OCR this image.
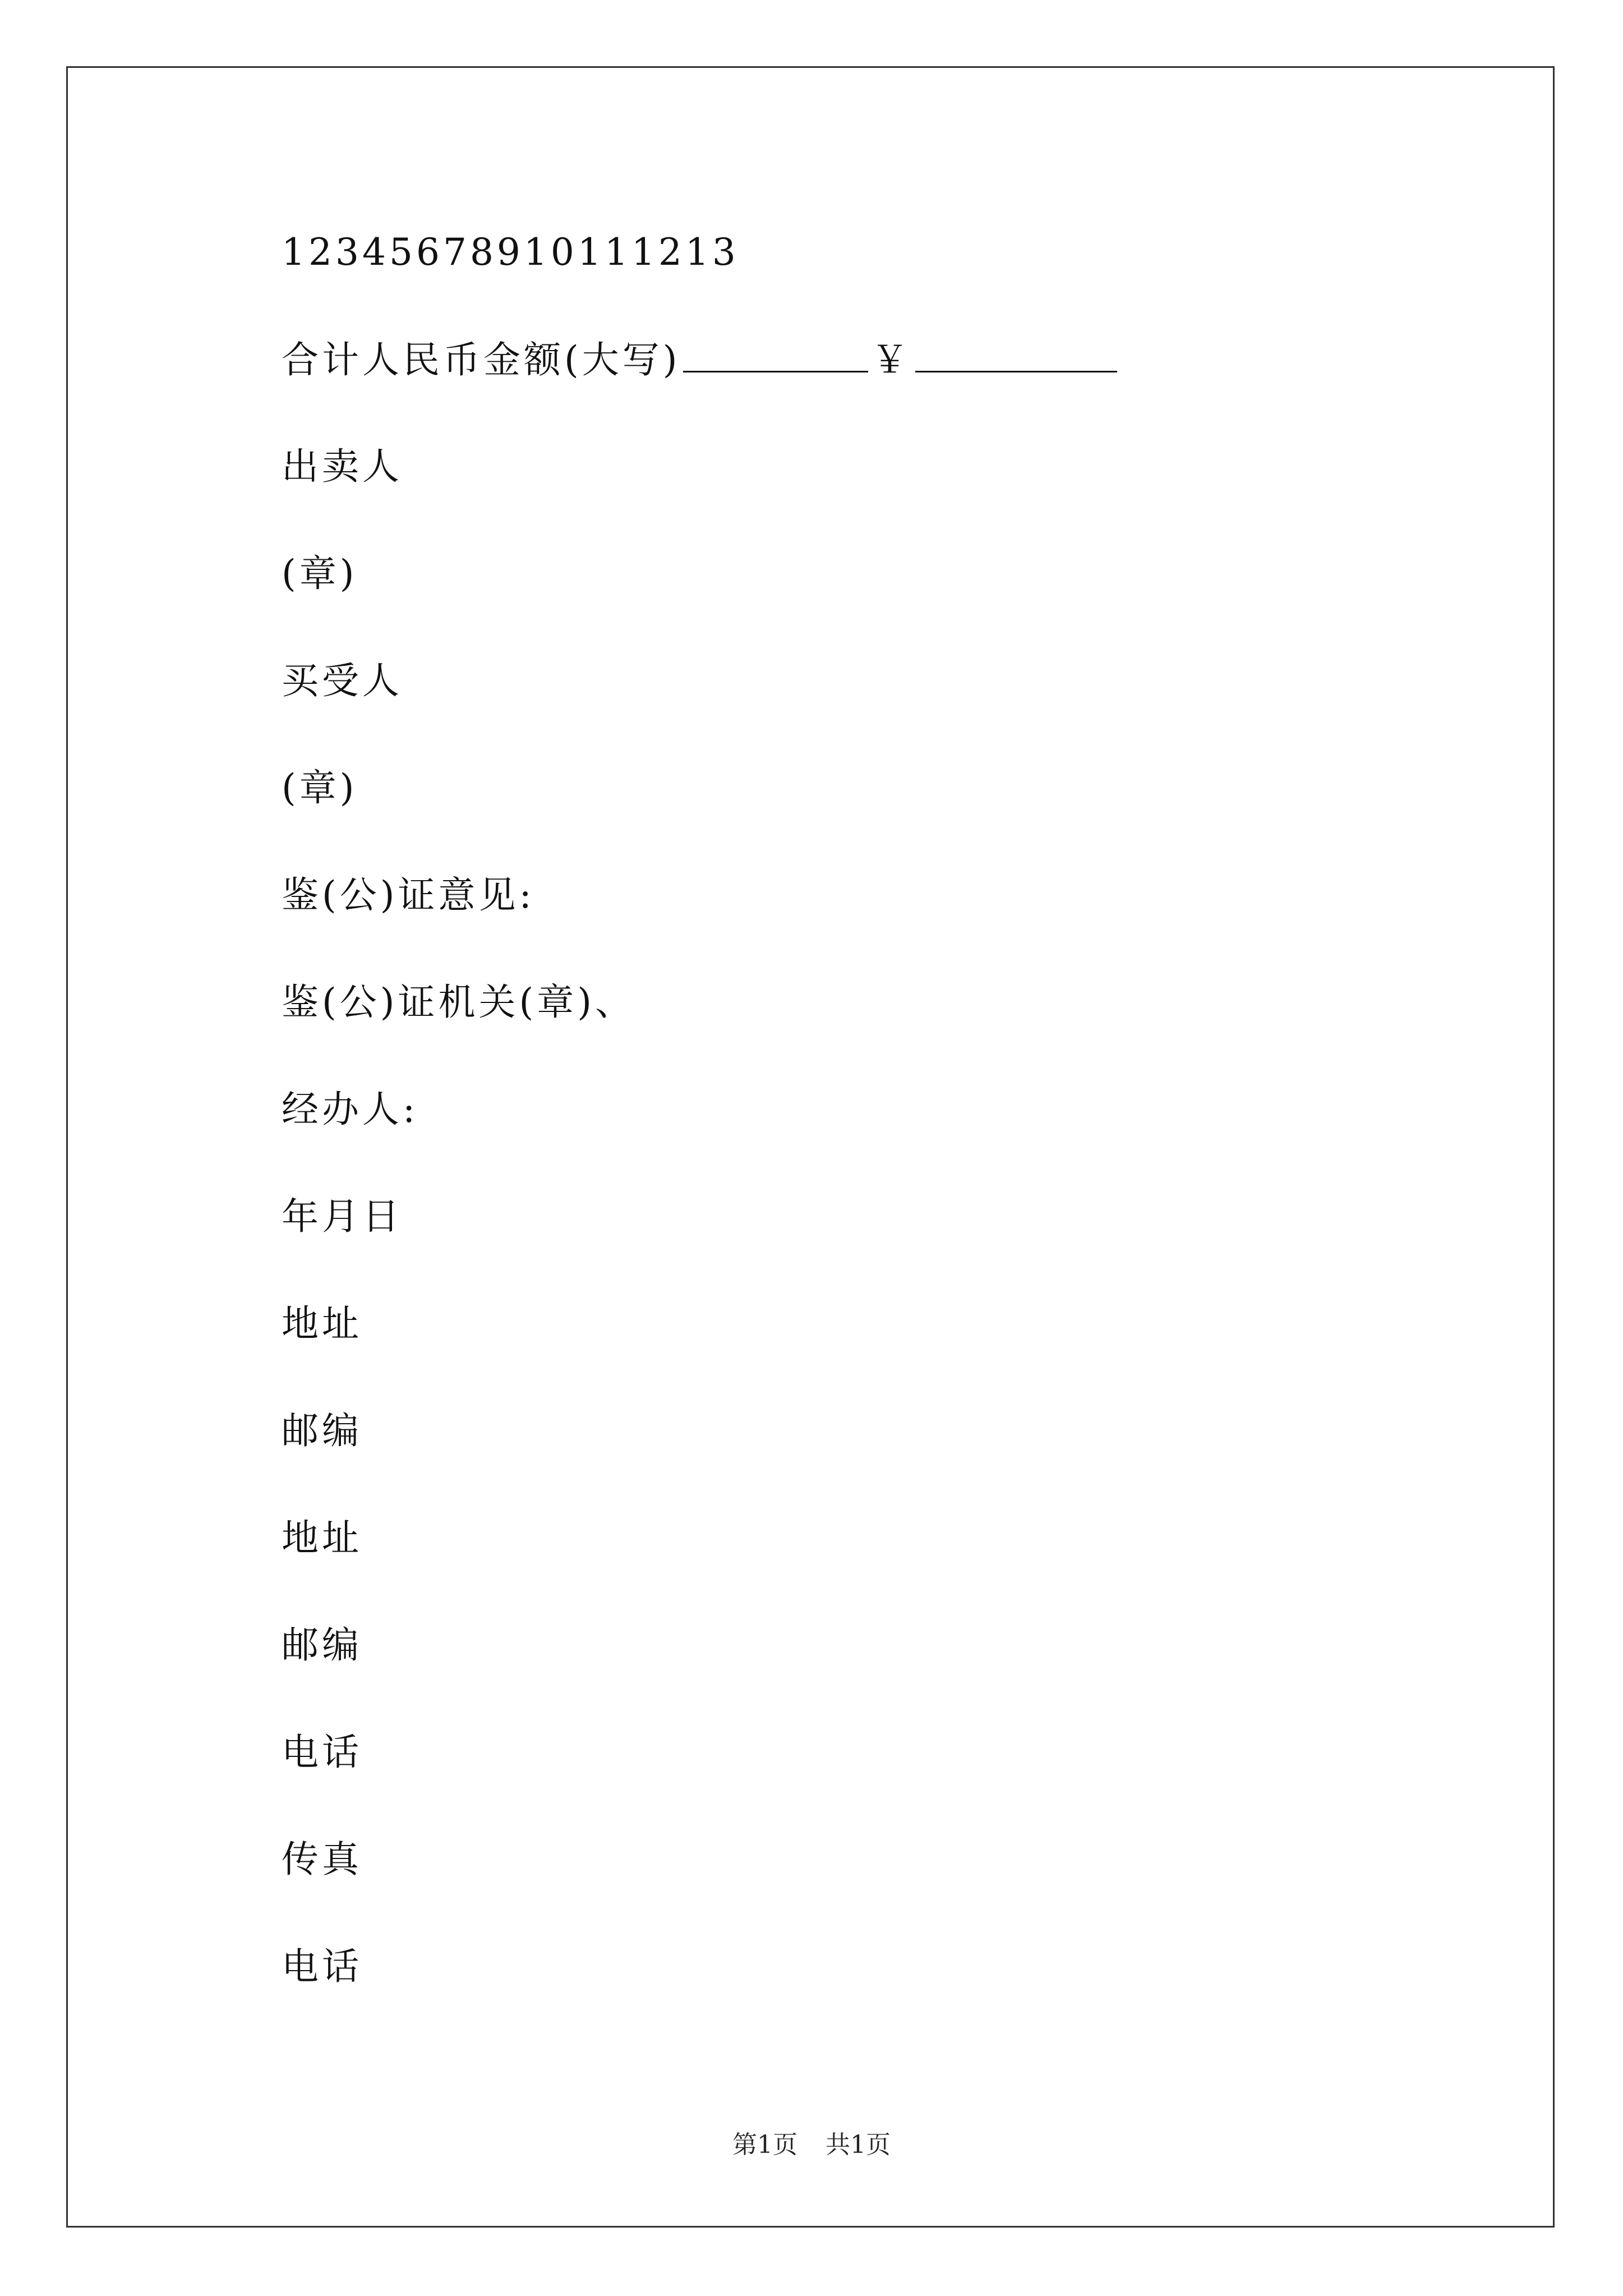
12345678910111213
合计人民币金额(大写)	￥
出卖人
(章)
买受人
(章)
鉴(公)证意见:
鉴(公)证机关(章)、
经办人:
年月日
地址
邮编
地址
邮编
电话
传真
电话
第1页 共1页
